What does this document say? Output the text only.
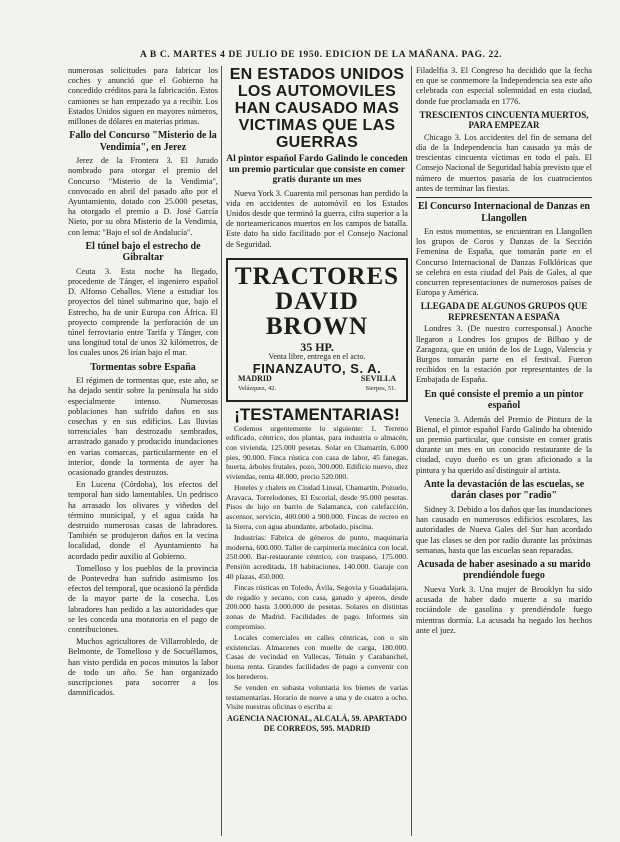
A B C. MARTES 4 DE JULIO DE 1950. EDICION DE LA MAÑANA. PAG. 22.

numerosas solicitudes para fabricar los coches y anunció que el Gobierno ha concedido créditos para la fabricación. Estos camiones se han empezado ya a recibir. Los Estados Unidos siguen en mayores números, millones de dólares en materias primas.

Fallo del Concurso "Misterio de la Vendimia", en Jerez

Jerez de la Frontera 3. El Jurado nombrado para otorgar el premio del Concurso "Misterio de la Vendimia", convocado en abril del pasado año por el Ayuntamiento, dotado con 25.000 pesetas, ha otorgado el premio a D. José García Nieto, por su obra Misterio de la Vendimia, con lema: "Bajo el sol de Andalucía".

El túnel bajo el estrecho de Gibraltar

Ceuta 3. Esta noche ha llegado, procedente de Tánger, el ingeniero español D. Alfonso Ceballos. Viene a estudiar los proyectos del túnel submarino que, bajo el Estrecho, ha de unir Europa con África. El proyecto comprende la perforación de un túnel ferroviario entre Tarifa y Tánger, con una longitud total de unos 32 kilómetros, de los cuales unos 26 irían bajo el mar.

Tormentas sobre España

El régimen de tormentas que, este año, se ha dejado sentir sobre la península ha sido especialmente intenso. Numerosas poblaciones han sufrido daños en sus cosechas y en sus edificios. Las lluvias torrenciales han destrozado sembrados, arrastrado ganado y producido inundaciones en varias comarcas, particularmente en el interior, donde la tormenta de ayer ha ocasionado grandes destrozos.

En Lucena (Córdoba), los efectos del temporal han sido lamentables. Un pedrisco ha arrasado los olivares y viñedos del término municipal, y el agua caída ha destruido numerosas casas de labradores. También se produjeron daños en la vecina localidad, donde el Ayuntamiento ha acordado pedir auxilio al Gobierno.

Tomelloso y los pueblos de la provincia de Pontevedra han sufrido asimismo los efectos del temporal, que ocasionó la pérdida de la mayor parte de la cosecha. Los labradores han pedido a las autoridades que se les conceda una moratoria en el pago de contribuciones.

Muchos agricultores de Villarrobledo, de Belmonte, de Tomelloso y de Socuéllamos, han visto perdida en pocos minutos la labor de todo un año. Se han organizado suscripciones para socorrer a los damnificados.

EN ESTADOS UNIDOS LOS AUTOMOVILES HAN CAUSADO MAS VICTIMAS QUE LAS GUERRAS
Al pintor español Fardo Galindo le conceden un premio particular que consiste en comer gratis durante un mes

Nueva York 3. Cuarenta mil personas han perdido la vida en accidentes de automóvil en los Estados Unidos desde que terminó la guerra, cifra superior a la de norteamericanos muertos en los campos de batalla. Este dato ha sido facilitado por el Consejo Nacional de Seguridad.

TRACTORES
DAVID BROWN
35 HP.
Venta libre, entrega en el acto.
FINANZAUTO, S. A.
MADRID	SEVILLA
Velázquez, 42.	Sierpes, 51.
¡TESTAMENTARIAS!

Cedemos urgentemente lo siguiente: 1. Terreno edificado, céntrico, dos plantas, para industria o almacén, con vivienda, 125.000 pesetas. Solar en Chamartín, 6.000 pies, 90.000. Finca rústica con casa de labor, 45 fanegas, huerta, árboles frutales, pozo, 300.000. Edificio nuevo, diez viviendas, renta 48.000, precio 520.000.

Hoteles y chalets en Ciudad Lineal, Chamartín, Pozuelo, Aravaca, Torrelodones, El Escorial, desde 95.000 pesetas. Pisos de lujo en barrio de Salamanca, con calefacción, ascensor, servicio, 400.000 a 900.000. Fincas de recreo en la Sierra, con agua abundante, arbolado, piscina.

Industrias: Fábrica de géneros de punto, maquinaria moderna, 600.000. Taller de carpintería mecánica con local, 250.000. Bar-restaurante céntrico, con traspaso, 175.000. Pensión acreditada, 18 habitaciones, 140.000. Garaje con 40 plazas, 450.000.

Fincas rústicas en Toledo, Ávila, Segovia y Guadalajara, de regadío y secano, con casa, ganado y aperos, desde 200.000 hasta 3.000.000 de pesetas. Solares en distintas zonas de Madrid. Facilidades de pago. Informes sin compromiso.

Locales comerciales en calles céntricas, con o sin existencias. Almacenes con muelle de carga, 180.000. Casas de vecindad en Vallecas, Tetuán y Carabanchel, buena renta. Grandes facilidades de pago a convenir con los herederos.

Se venden en subasta voluntaria los bienes de varias testamentarías. Horario de nueve a una y de cuatro a ocho. Visite nuestras oficinas o escriba a:

AGENCIA NACIONAL, ALCALÁ, 59. APARTADO DE CORREOS, 595. MADRID

Filadelfia 3. El Congreso ha decidido que la fecha en que se conmemore la Independencia sea este año celebrada con especial solemnidad en esta ciudad, donde fue proclamada en 1776.

TRESCIENTOS CINCUENTA MUERTOS, PARA EMPEZAR

Chicago 3. Los accidentes del fin de semana del día de la Independencia han causado ya más de trescientas cincuenta víctimas en todo el país. El Consejo Nacional de Seguridad había previsto que el número de muertos pasaría de los cuatrocientos antes de terminar las fiestas.

El Concurso Internacional de Danzas en Llangollen

En estos momentos, se encuentran en Llangollen los grupos de Coros y Danzas de la Sección Femenina de España, que tomarán parte en el Concurso Internacional de Danzas Folklóricas que se celebra en esta ciudad del País de Gales, al que concurren representaciones de numerosos países de Europa y América.

LLEGADA DE ALGUNOS GRUPOS QUE REPRESENTAN A ESPAÑA

Londres 3. (De nuestro corresponsal.) Anoche llegaron a Londres los grupos de Bilbao y de Zaragoza, que en unión de los de Lugo, Valencia y Burgos tomarán parte en el festival. Fueron recibidos en la estación por representantes de la Embajada de España.

En qué consiste el premio a un pintor español

Venecia 3. Además del Premio de Pintura de la Bienal, el pintor español Fardo Galindo ha obtenido un premio particular, que consiste en comer gratis durante un mes en un conocido restaurante de la ciudad, cuyo dueño es un gran aficionado a la pintura y ha querido así distinguir al artista.

Ante la devastación de las escuelas, se darán clases por "radio"

Sidney 3. Debido a los daños que las inundaciones han causado en numerosos edificios escolares, las autoridades de Nueva Gales del Sur han acordado que las clases se den por radio durante las próximas semanas, hasta que las escuelas sean reparadas.

Acusada de haber asesinado a su marido prendiéndole fuego

Nueva York 3. Una mujer de Brooklyn ha sido acusada de haber dado muerte a su marido rociándole de gasolina y prendiéndole fuego mientras dormía. La acusada ha negado los hechos ante el juez.
